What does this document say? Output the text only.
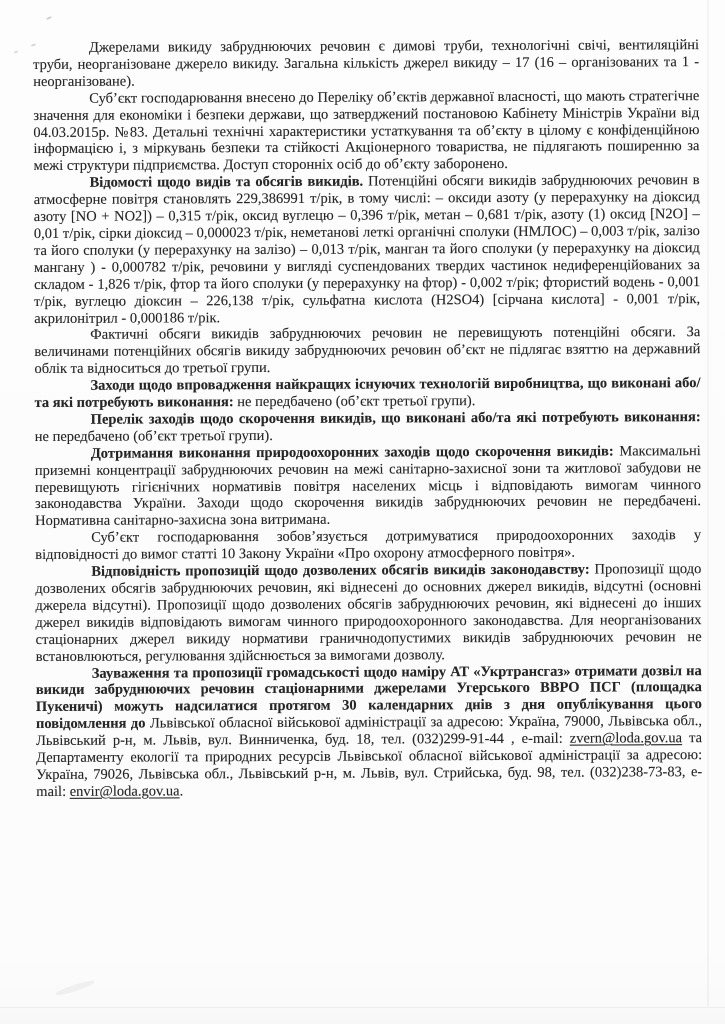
Джерелами викиду забруднюючих речовин є димові труби, технологічні свічі, вентиляційні труби, неорганізоване джерело викиду. Загальна кількість джерел викиду – 17 (16 – організованих та 1 - неорганізоване).

Суб’єкт господарювання внесено до Переліку об’єктів державної власності, що мають стратегічне значення для економіки і безпеки держави, що затверджений постановою Кабінету Міністрів України від 04.03.2015р. №83. Детальні технічні характеристики устаткування та об’єкту в цілому є конфіденційною інформацією і, з міркувань безпеки та стійкості Акціонерного товариства, не підлягають поширенню за межі структури підприємства. Доступ сторонніх осіб до об’єкту заборонено.

Відомості щодо видів та обсягів викидів. Потенційні обсяги викидів забруднюючих речовин в атмосферне повітря становлять 229,386991 т/рік, в тому числі: – оксиди азоту (у перерахунку на діоксид азоту [NO + NO2]) – 0,315 т/рік, оксид вуглецю – 0,396 т/рік, метан – 0,681 т/рік, азоту (1) оксид [N2O] – 0,01 т/рік, сірки діоксид – 0,000023 т/рік, неметанові леткі органічні сполуки (НМЛОС) – 0,003 т/рік, залізо та його сполуки (у перерахунку на залізо) – 0,013 т/рік, манган та його сполуки (у перерахунку на діоксид мангану ) - 0,000782 т/рік, речовини у вигляді суспендованих твердих частинок недиференційованих за складом - 1,826 т/рік, фтор та його сполуки (у перерахунку на фтор) - 0,002 т/рік; фтористий водень - 0,001 т/рік, вуглецю діоксин – 226,138 т/рік, сульфатна кислота (H2SO4) [сірчана кислота] - 0,001 т/рік, акрилонітрил - 0,000186 т/рік.

Фактичні обсяги викидів забруднюючих речовин не перевищують потенційні обсяги. За величинами потенційних обсягів викиду забруднюючих речовин об’єкт не підлягає взяттю на державний облік та відноситься до третьої групи.

Заходи щодо впровадження найкращих існуючих технологій виробництва, що виконані або/та які потребують виконання: не передбачено (об’єкт третьої групи).

Перелік заходів щодо скорочення викидів, що виконані або/та які потребують виконання: не передбачено (об’єкт третьої групи).

Дотримання виконання природоохоронних заходів щодо скорочення викидів: Максимальні приземні концентрації забруднюючих речовин на межі санітарно-захисної зони та житлової забудови не перевищують гігієнічних нормативів повітря населених місць і відповідають вимогам чинного законодавства України. Заходи щодо скорочення викидів забруднюючих речовин не передбачені. Нормативна санітарно-захисна зона витримана.

Суб’єкт господарювання зобов’язується дотримуватися природоохоронних заходів у відповідності до вимог статті 10 Закону України «Про охорону атмосферного повітря».

Відповідність пропозицій щодо дозволених обсягів викидів законодавству: Пропозиції щодо дозволених обсягів забруднюючих речовин, які віднесені до основних джерел викидів, відсутні (основні джерела відсутні). Пропозиції щодо дозволених обсягів забруднюючих речовин, які віднесені до інших джерел викидів відповідають вимогам чинного природоохоронного законодавства. Для неорганізованих стаціонарних джерел викиду нормативи граничнодопустимих викидів забруднюючих речовин не встановлюються, регулювання здійснюється за вимогами дозволу.

Зауваження та пропозиції громадськості щодо наміру АТ «Укртрансгаз» отримати дозвіл на викиди забруднюючих речовин стаціонарними джерелами Угерського ВВРО ПСГ (площадка Пукеничі) можуть надсилатися протягом 30 календарних днів з дня опублікування цього повідомлення до Львівської обласної військової адміністрації за адресою: Україна, 79000, Львівська обл., Львівський р-н, м. Львів, вул. Винниченка, буд. 18, тел. (032)299-91-44 , e-mail: zvern@loda.gov.ua та Департаменту екології та природних ресурсів Львівської обласної військової адміністрації за адресою: Україна, 79026, Львівська обл., Львівський р-н, м. Львів, вул. Стрийська, буд. 98, тел. (032)238-73-83, e-mail: envir@loda.gov.ua.
